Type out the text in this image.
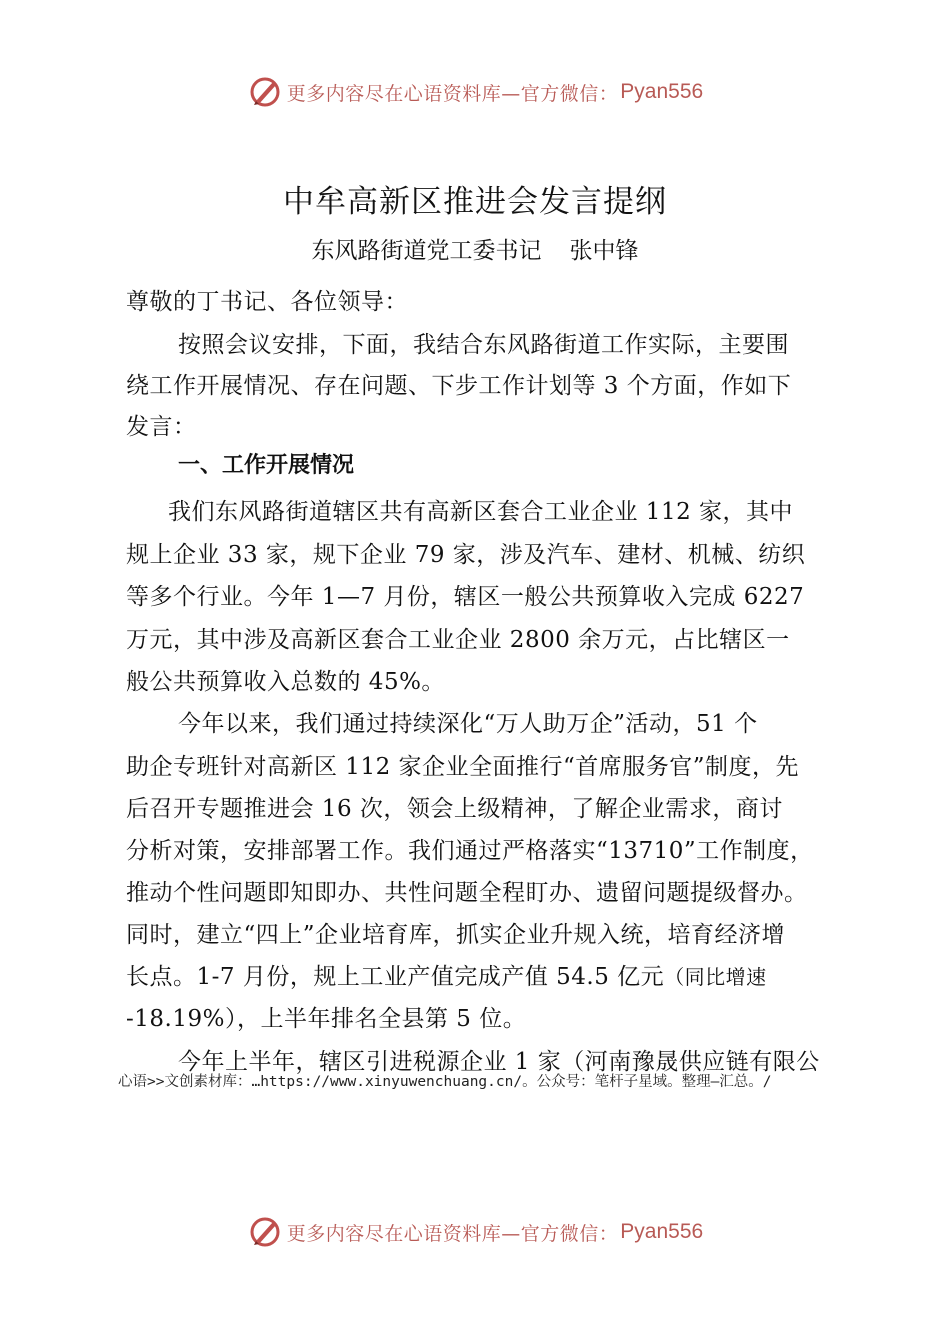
更多内容尽在心语资料库—官方微信： Pyan556
中牟高新区推进会发言提纲
东风路街道党工委书记 张中锋
尊敬的丁书记、各位领导：
按照会议安排，下面，我结合东风路街道工作实际，主要围
绕工作开展情况、存在问题、下步工作计划等 3 个方面，作如下
发言：
一、工作开展情况
我们东风路街道辖区共有高新区套合工业企业 112 家，其中
规上企业 33 家，规下企业 79 家，涉及汽车、建材、机械、纺织
等多个行业。今年 1—7 月份，辖区一般公共预算收入完成 6227
万元，其中涉及高新区套合工业企业 2800 余万元，占比辖区一
般公共预算收入总数的 45%。
今年以来，我们通过持续深化“万人助万企”活动，51 个
助企专班针对高新区 112 家企业全面推行“首席服务官”制度，先
后召开专题推进会 16 次，领会上级精神，了解企业需求，商讨
分析对策，安排部署工作。我们通过严格落实“13710”工作制度，
推动个性问题即知即办、共性问题全程盯办、遗留问题提级督办。
同时，建立“四上”企业培育库，抓实企业升规入统，培育经济增
长点。1-7 月份，规上工业产值完成产值 54.5 亿元（同比增速
-18.19%），上半年排名全县第 5 位。
今年上半年，辖区引进税源企业 1 家（河南豫晟供应链有限公
心语>>文创素材库：…https://www.xinyuwenchuang.cn/。公众号：笔杆子星域。整理—汇总。/
更多内容尽在心语资料库—官方微信： Pyan556
